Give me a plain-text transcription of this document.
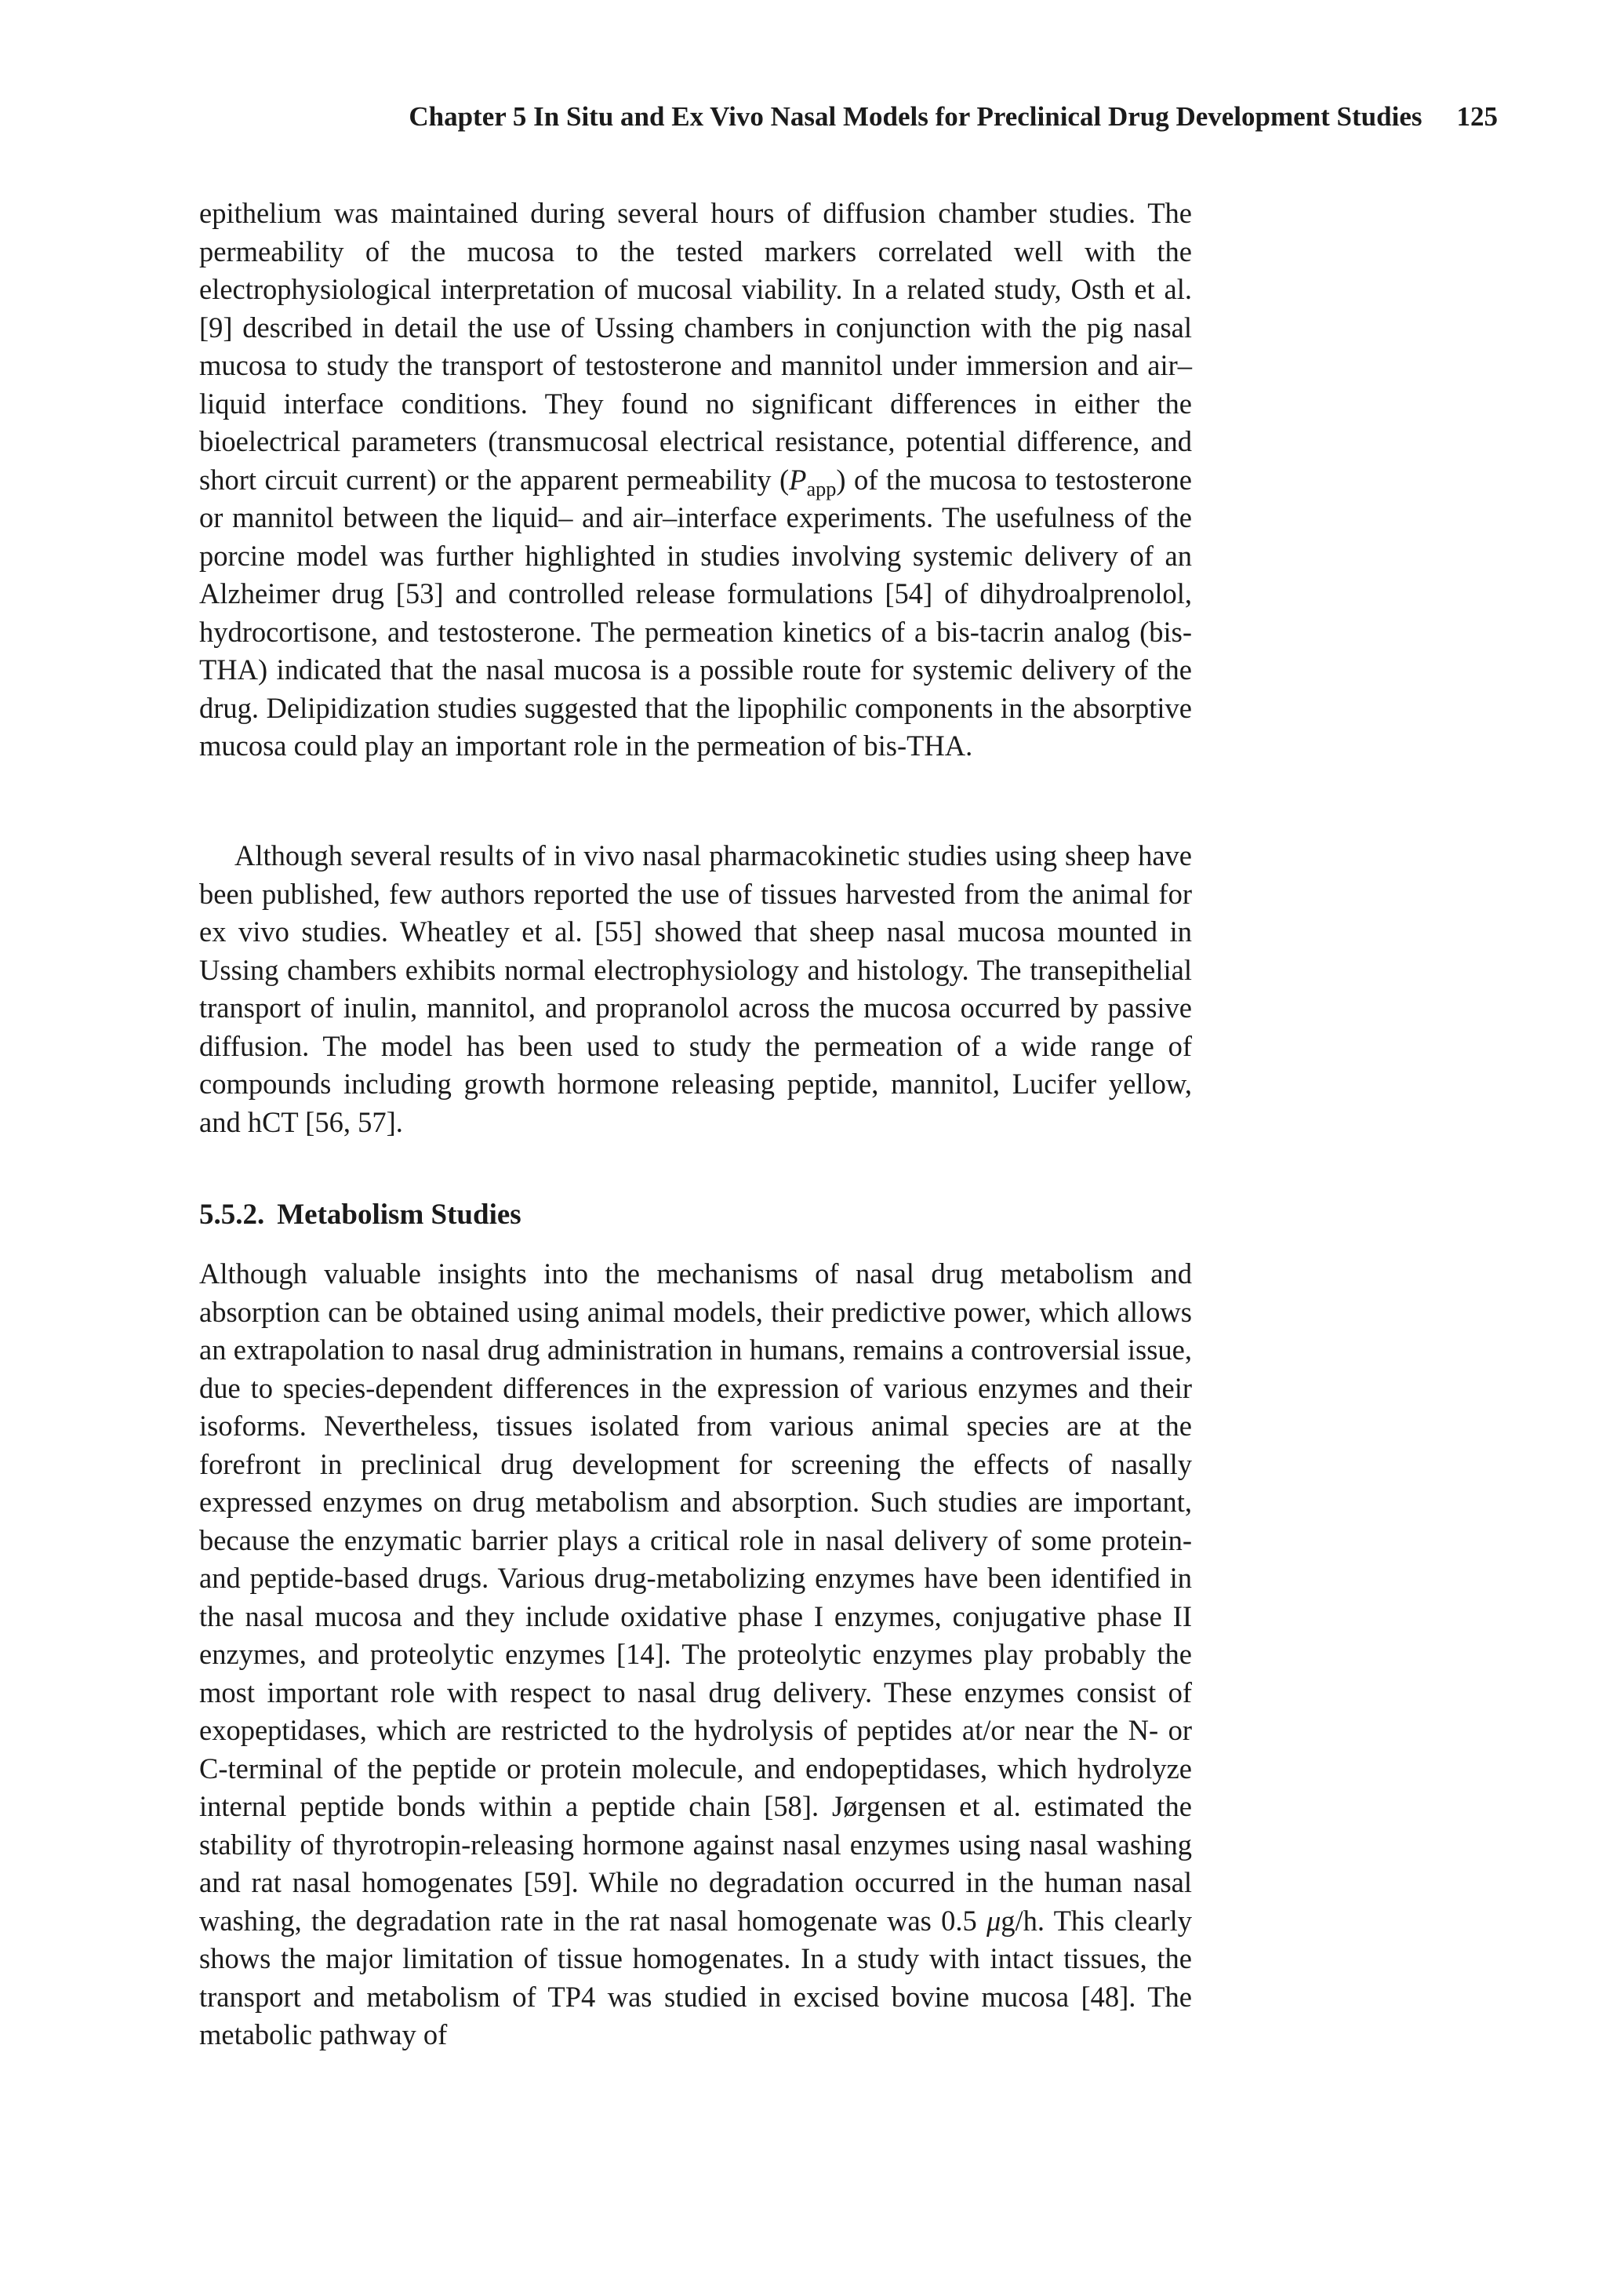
Chapter 5 In Situ and Ex Vivo Nasal Models for Preclinical Drug Development Studies 125

epithelium was maintained during several hours of diffusion chamber studies. The permeability of the mucosa to the tested markers correlated well with the electrophysiological interpretation of mucosal viability. In a related study, Osth et al. [9] described in detail the use of Ussing chambers in conjunction with the pig nasal mucosa to study the transport of testosterone and mannitol under immersion and air–liquid interface conditions. They found no significant differences in either the bioelectrical parameters (transmucosal electrical resistance, potential difference, and short circuit current) or the apparent permeability $(P_{app})$ of the mucosa to testosterone or mannitol between the liquid– and air–interface experiments. The usefulness of the porcine model was further highlighted in studies involving systemic delivery of an Alzheimer drug [53] and controlled release formulations [54] of dihydroalprenolol, hydrocortisone, and testosterone. The permeation kinetics of a bis-tacrin analog (bis-THA) indicated that the nasal mucosa is a possible route for systemic delivery of the drug. Delipidization studies suggested that the lipophilic components in the absorptive mucosa could play an important role in the permeation of bis-THA.

Although several results of in vivo nasal pharmacokinetic studies using sheep have been published, few authors reported the use of tissues harvested from the animal for ex vivo studies. Wheatley et al. [55] showed that sheep nasal mucosa mounted in Ussing chambers exhibits normal electrophysiology and histology. The transepithelial transport of inulin, mannitol, and propranolol across the mucosa occurred by passive diffusion. The model has been used to study the permeation of a wide range of compounds including growth hormone releasing peptide, mannitol, Lucifer yellow, and hCT [56, 57].

5.5.2. Metabolism Studies

Although valuable insights into the mechanisms of nasal drug metabolism and absorption can be obtained using animal models, their predictive power, which allows an extrapolation to nasal drug administration in humans, remains a controversial issue, due to species-dependent differences in the expression of various enzymes and their isoforms. Nevertheless, tissues isolated from various animal species are at the forefront in preclinical drug development for screening the effects of nasally expressed enzymes on drug metabolism and absorption. Such studies are important, because the enzymatic barrier plays a critical role in nasal delivery of some protein- and peptide-based drugs. Various drug-metabolizing enzymes have been identified in the nasal mucosa and they include oxidative phase I enzymes, conjugative phase II enzymes, and proteolytic enzymes [14]. The proteolytic enzymes play probably the most important role with respect to nasal drug delivery. These enzymes consist of exopeptidases, which are restricted to the hydrolysis of peptides at/or near the N- or C-terminal of the peptide or protein molecule, and endopeptidases, which hydrolyze internal peptide bonds within a peptide chain [58]. Jørgensen et al. estimated the stability of thyrotropin-releasing hormone against nasal enzymes using nasal washing and rat nasal homogenates [59]. While no degradation occurred in the human nasal washing, the degradation rate in the rat nasal homogenate was 0.5 μg/h. This clearly shows the major limitation of tissue homogenates. In a study with intact tissues, the transport and metabolism of TP4 was studied in excised bovine mucosa [48]. The metabolic pathway of
